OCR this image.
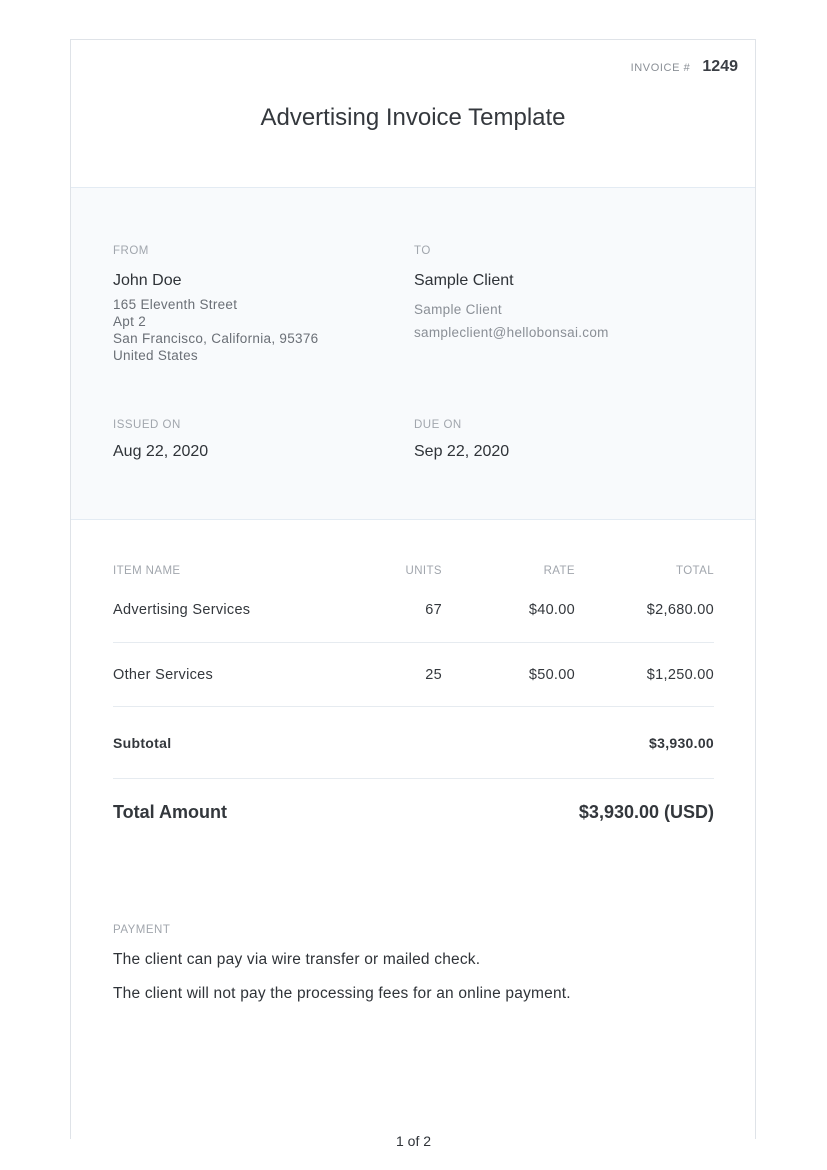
INVOICE # 1249
Advertising Invoice Template
FROM
John Doe
165 Eleventh Street
Apt 2
San Francisco, California, 95376
United States
TO
Sample Client
Sample Client
sampleclient@hellobonsai.com
ISSUED ON
Aug 22, 2020
DUE ON
Sep 22, 2020
ITEM NAME	UNITS	RATE	TOTAL
Advertising Services	67	$40.00	$2,680.00
Other Services	25	$50.00	$1,250.00
Subtotal	$3,930.00
Total Amount	$3,930.00 (USD)
PAYMENT
The client can pay via wire transfer or mailed check.
The client will not pay the processing fees for an online payment.
1 of 2
